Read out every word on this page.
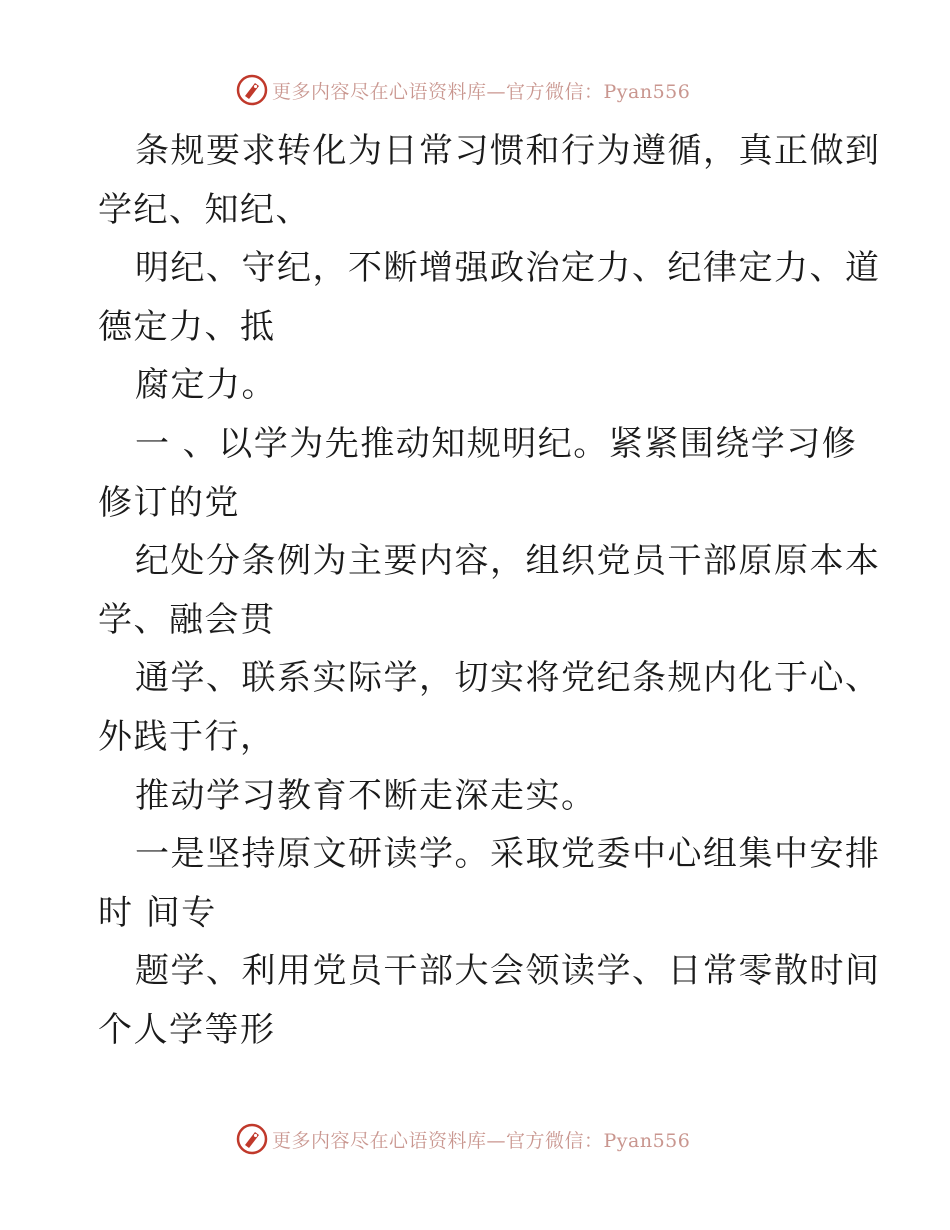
更多内容尽在心语资料库—官方微信：Pyan556
条规要求转化为日常习惯和行为遵循，真正做到
学纪、知纪、
明纪、守纪，不断增强政治定力、纪律定力、道
德定力、抵
腐定力。
一 、以学为先推动知规明纪。紧紧围绕学习修
修订的党
纪处分条例为主要内容，组织党员干部原原本本
学、融会贯
通学、联系实际学，切实将党纪条规内化于心、
外践于行，
推动学习教育不断走深走实。
一是坚持原文研读学。采取党委中心组集中安排
时 间专
题学、利用党员干部大会领读学、日常零散时间
个人学等形
更多内容尽在心语资料库—官方微信：Pyan556
